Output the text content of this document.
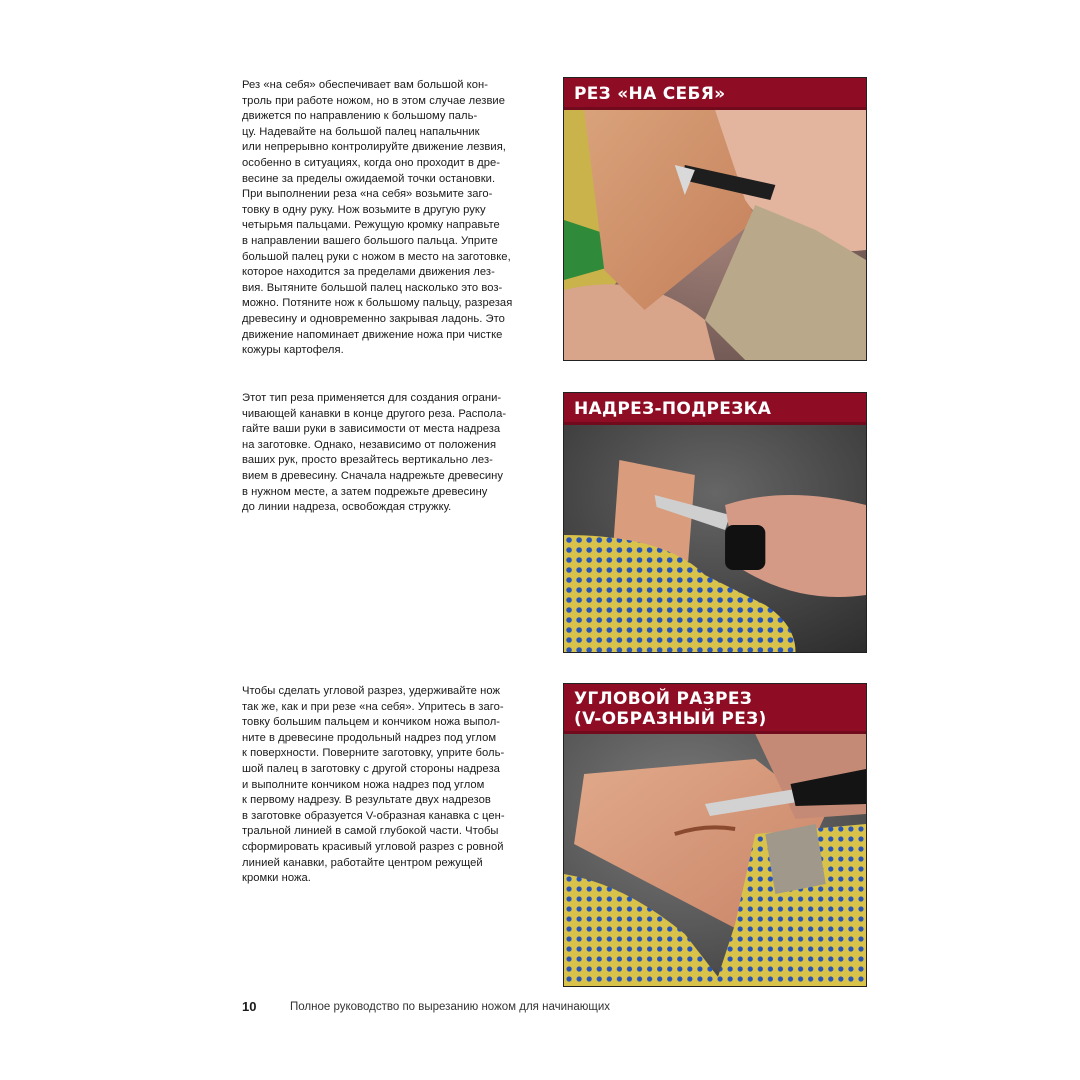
Рез «на себя» обеспечивает вам большой кон-
троль при работе ножом, но в этом случае лезвие
движется по направлению к большому паль-
цу. Надевайте на большой палец напальчник
или непрерывно контролируйте движение лезвия,
особенно в ситуациях, когда оно проходит в дре-
весине за пределы ожидаемой точки остановки.
При выполнении реза «на себя» возьмите заго-
товку в одну руку. Нож возьмите в другую руку
четырьмя пальцами. Режущую кромку направьте
в направлении вашего большого пальца. Уприте
большой палец руки с ножом в место на заготовке,
которое находится за пределами движения лез-
вия. Вытяните большой палец насколько это воз-
можно. Потяните нож к большому пальцу, разрезая
древесину и одновременно закрывая ладонь. Это
движение напоминает движение ножа при чистке
кожуры картофеля.
Этот тип реза применяется для создания ограни-
чивающей канавки в конце другого реза. Распола-
гайте ваши руки в зависимости от места надреза
на заготовке. Однако, независимо от положения
ваших рук, просто врезайтесь вертикально лез-
вием в древесину. Сначала надрежьте древесину
в нужном месте, а затем подрежьте древесину
до линии надреза, освобождая стружку.
Чтобы сделать угловой разрез, удерживайте нож
так же, как и при резе «на себя». Упритесь в заго-
товку большим пальцем и кончиком ножа выпол-
ните в древесине продольный надрез под углом
к поверхности. Поверните заготовку, уприте боль-
шой палец в заготовку с другой стороны надреза
и выполните кончиком ножа надрез под углом
к первому надрезу. В результате двух надрезов
в заготовке образуется V-образная канавка с цен-
тральной линией в самой глубокой части. Чтобы
сформировать красивый угловой разрез с ровной
линией канавки, работайте центром режущей
кромки ножа.
РЕЗ «НА СЕБЯ»
НАДРЕЗ-ПОДРЕЗКА
УГЛОВОЙ РАЗРЕЗ
(V-ОБРАЗНЫЙ РЕЗ)
10	Полное руководство по вырезанию ножом для начинающих
